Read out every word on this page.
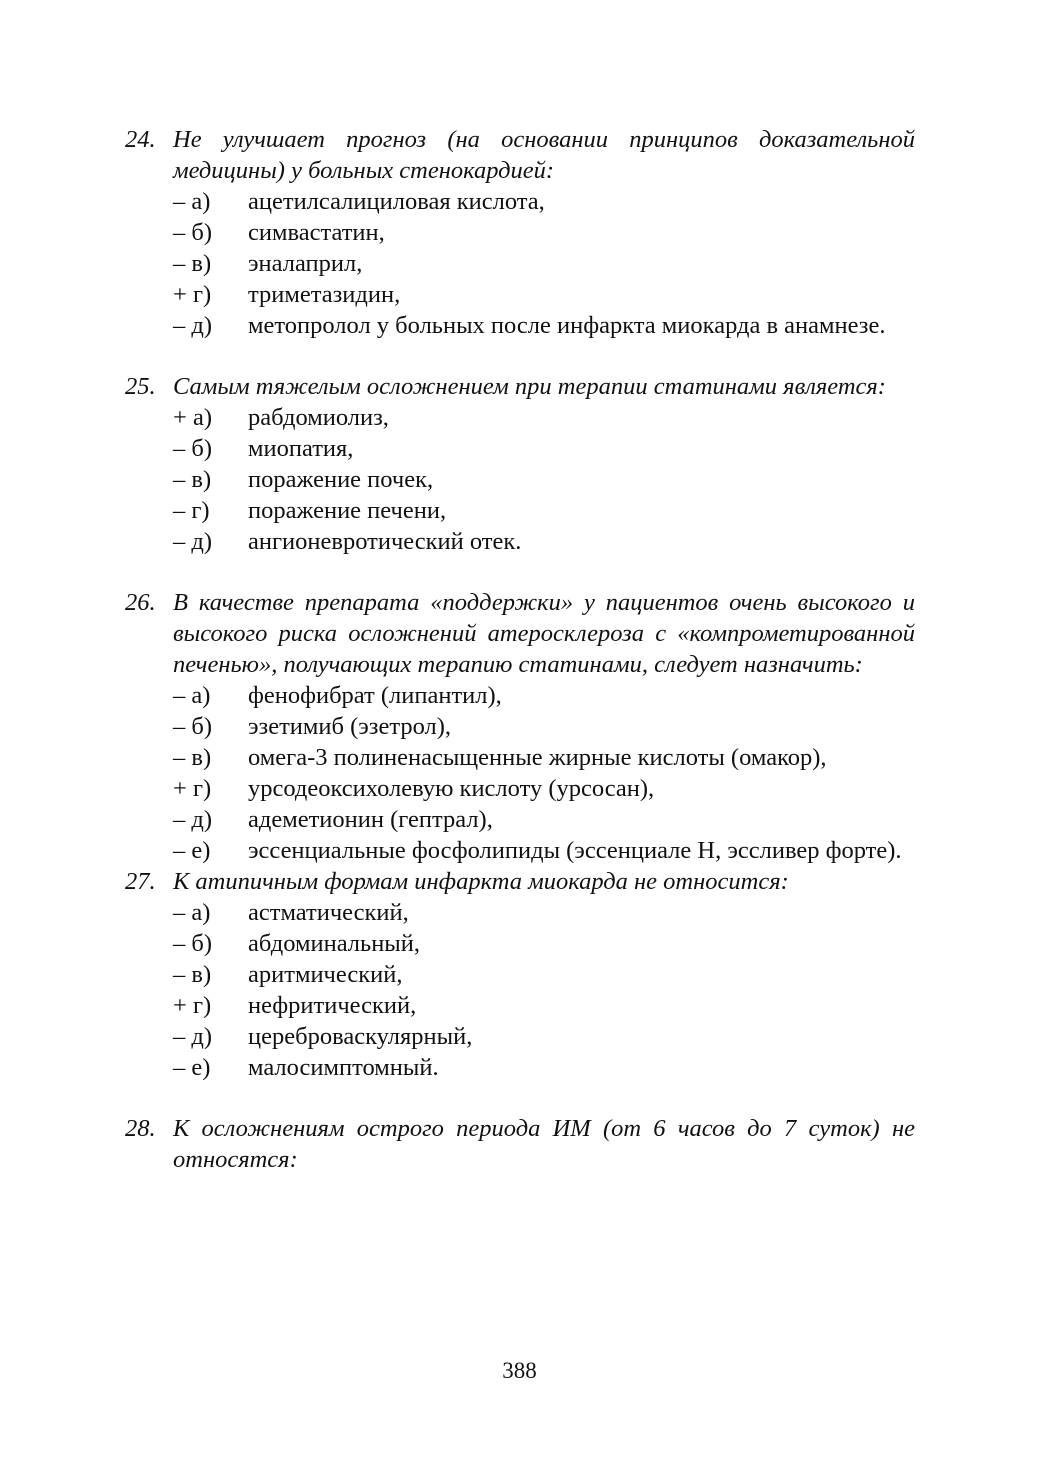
24. Не улучшает прогноз (на основании принципов доказательной медицины) у больных стенокардией:
– а) ацетилсалициловая кислота,
– б) симвастатин,
– в) эналаприл,
+ г) триметазидин,
– д) метопролол у больных после инфаркта миокарда в анамнезе.
25. Самым тяжелым осложнением при терапии статинами является:
+ а) рабдомиолиз,
– б) миопатия,
– в) поражение почек,
– г) поражение печени,
– д) ангионевротический отек.
26. В качестве препарата «поддержки» у пациентов очень высокого и высокого риска осложнений атеросклероза с «компрометированной печенью», получающих терапию статинами, следует назначить:
– а) фенофибрат (липантил),
– б) эзетимиб (эзетрол),
– в) омега-3 полиненасыщенные жирные кислоты (омакор),
+ г) урсодеоксихолевую кислоту (урсосан),
– д) адеметионин (гептрал),
– е) эссенциальные фосфолипиды (эссенциале Н, эссливер форте).
27. К атипичным формам инфаркта миокарда не относится:
– а) астматический,
– б) абдоминальный,
– в) аритмический,
+ г) нефритический,
– д) цереброваскулярный,
– е) малосимптомный.
28. К осложнениям острого периода ИМ (от 6 часов до 7 суток) не относятся:
388
